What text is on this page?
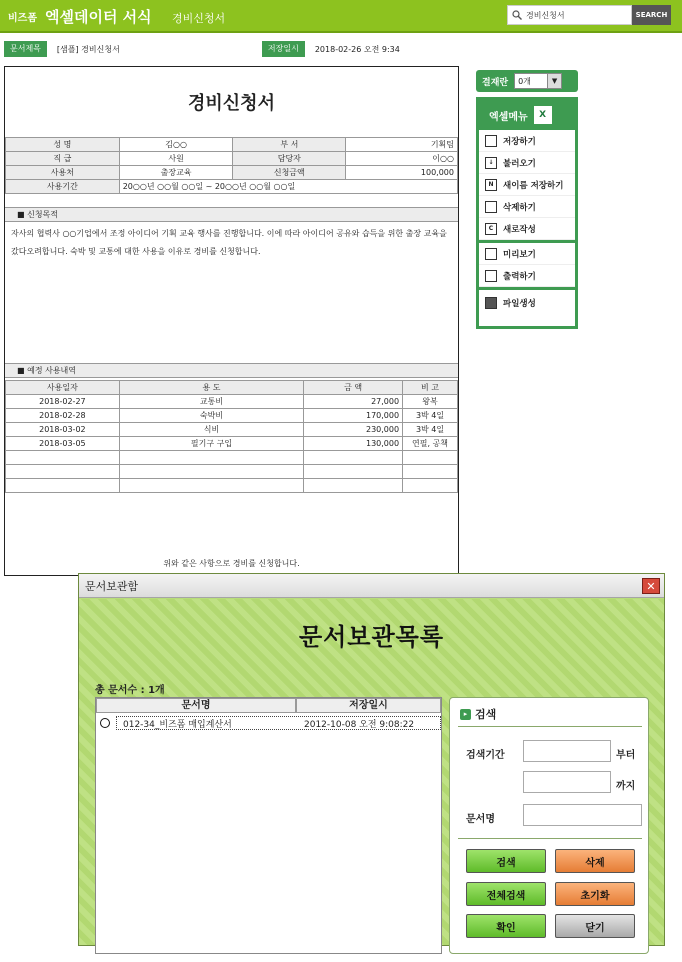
비즈폼 엑셀데이터 서식 경비신청서	경비신청서	SEARCH
문서제목	[샘플] 경비신청서	저장일시	2018-02-26 오전 9:34
경비신청서
성 명	김○○	부 서	기획팀
직 급	사원	담당자	이○○
사용처	출장교육	신청금액	100,000
사용기간	20○○년 ○○월 ○○일 ~ 20○○년 ○○월 ○○일		
■ 신청목적
자사의 협력사 ○○기업에서 조정 아이디어 기획 교육 행사를 진행합니다. 이에 따라 아이디어 공유와 습득을 위한 출장 교육을 갔다오려합니다. 숙박 및 교통에 대한 사용을 이유로 경비를 신청합니다.
■ 예정 사용내역
사용일자	용 도	금 액	비 고
2018-02-27	교통비	27,000	왕복
2018-02-28	숙박비	170,000	3박 4일
2018-03-02	식비	230,000	3박 4일
2018-03-05	필기구 구입	130,000	연필, 공책

위와 같은 사항으로 경비를 신청합니다.
결재란	0개	▼
엑셀메뉴	X
저장하기
↓	불러오기
N	새이름 저장하기
삭제하기
C	새로작성
미리보기
출력하기
파일생성
문서보관함	✕
문서보관목록
총 문서수 : 1개
문서명	저장일시
012-34_비즈폼 매입계산서	2012-10-08 오전 9:08:22
▸ 검색
검색기간	부터
까지
문서명
검색	삭제
전체검색	초기화
확인	닫기
